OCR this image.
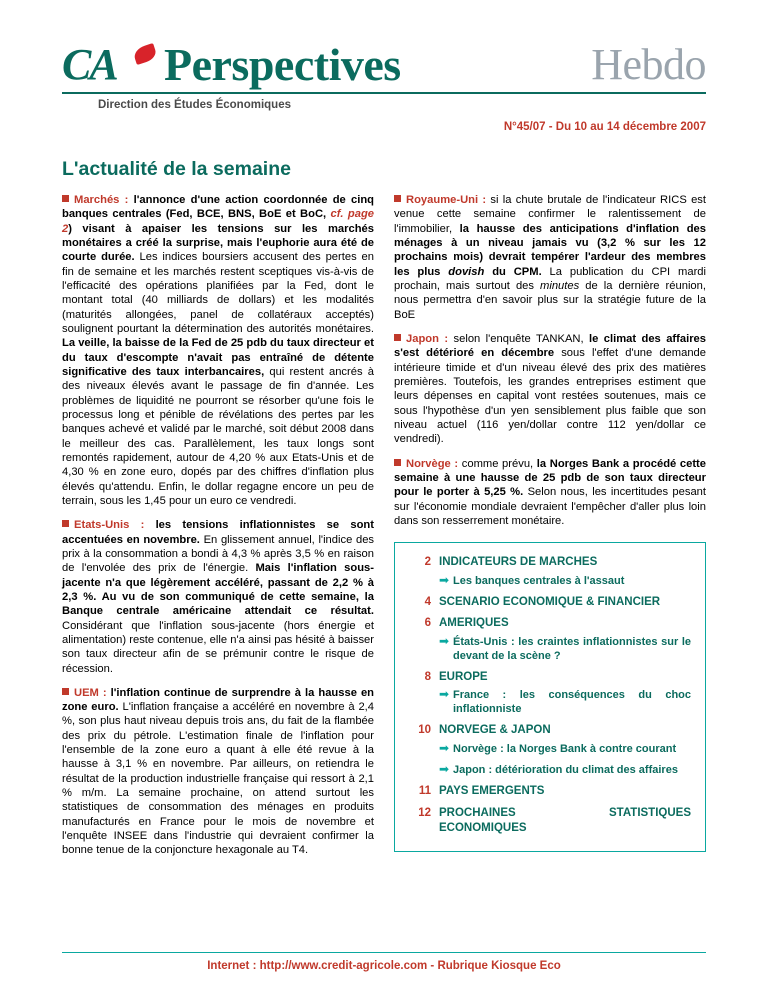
CA	Perspectives	Hebdo
Direction des Études Économiques
N°45/07 - Du 10 au 14 décembre 2007
L'actualité de la semaine

Marchés : l'annonce d'une action coordonnée de cinq banques centrales (Fed, BCE, BNS, BoE et BoC, cf. page 2) visant à apaiser les tensions sur les marchés monétaires a créé la surprise, mais l'euphorie aura été de courte durée. Les indices boursiers accusent des pertes en fin de semaine et les marchés restent sceptiques vis-à-vis de l'efficacité des opérations planifiées par la Fed, dont le montant total (40 milliards de dollars) et les modalités (maturités allongées, panel de collatéraux acceptés) soulignent pourtant la détermination des autorités monétaires. La veille, la baisse de la Fed de 25 pdb du taux directeur et du taux d'escompte n'avait pas entraîné de détente significative des taux interbancaires, qui restent ancrés à des niveaux élevés avant le passage de fin d'année. Les problèmes de liquidité ne pourront se résorber qu'une fois le processus long et pénible de révélations des pertes par les banques achevé et validé par le marché, soit début 2008 dans le meilleur des cas. Parallèlement, les taux longs sont remontés rapidement, autour de 4,20 % aux Etats-Unis et de 4,30 % en zone euro, dopés par des chiffres d'inflation plus élevés qu'attendu. Enfin, le dollar regagne encore un peu de terrain, sous les 1,45 pour un euro ce vendredi.

Etats-Unis : les tensions inflationnistes se sont accentuées en novembre. En glissement annuel, l'indice des prix à la consommation a bondi à 4,3 % après 3,5 % en raison de l'envolée des prix de l'énergie. Mais l'inflation sous-jacente n'a que légèrement accéléré, passant de 2,2 % à 2,3 %. Au vu de son communiqué de cette semaine, la Banque centrale américaine attendait ce résultat. Considérant que l'inflation sous-jacente (hors énergie et alimentation) reste contenue, elle n'a ainsi pas hésité à baisser son taux directeur afin de se prémunir contre le risque de récession.

UEM : l'inflation continue de surprendre à la hausse en zone euro. L'inflation française a accéléré en novembre à 2,4 %, son plus haut niveau depuis trois ans, du fait de la flambée des prix du pétrole. L'estimation finale de l'inflation pour l'ensemble de la zone euro a quant à elle été revue à la hausse à 3,1 % en novembre. Par ailleurs, on retiendra le résultat de la production industrielle française qui ressort à 2,1 % m/m. La semaine prochaine, on attend surtout les statistiques de consommation des ménages en produits manufacturés en France pour le mois de novembre et l'enquête INSEE dans l'industrie qui devraient confirmer la bonne tenue de la conjoncture hexagonale au T4.

Royaume-Uni : si la chute brutale de l'indicateur RICS est venue cette semaine confirmer le ralentissement de l'immobilier, la hausse des anticipations d'inflation des ménages à un niveau jamais vu (3,2 % sur les 12 prochains mois) devrait tempérer l'ardeur des membres les plus dovish du CPM. La publication du CPI mardi prochain, mais surtout des minutes de la dernière réunion, nous permettra d'en savoir plus sur la stratégie future de la BoE

Japon : selon l'enquête TANKAN, le climat des affaires s'est détérioré en décembre sous l'effet d'une demande intérieure timide et d'un niveau élevé des prix des matières premières. Toutefois, les grandes entreprises estiment que leurs dépenses en capital vont restées soutenues, mais ce sous l'hypothèse d'un yen sensiblement plus faible que son niveau actuel (116 yen/dollar contre 112 yen/dollar ce vendredi).

Norvège : comme prévu, la Norges Bank a procédé cette semaine à une hausse de 25 pdb de son taux directeur pour le porter à 5,25 %. Selon nous, les incertitudes pesant sur l'économie mondiale devraient l'empêcher d'aller plus loin dans son resserrement monétaire.

2 INDICATEURS DE MARCHES
➡ Les banques centrales à l'assaut
4 SCENARIO ECONOMIQUE & FINANCIER
6 AMERIQUES
➡ États-Unis : les craintes inflationnistes sur le devant de la scène ?
8 EUROPE
➡ France : les conséquences du choc inflationniste
10 NORVEGE & JAPON
➡ Norvège : la Norges Bank à contre courant
➡ Japon : détérioration du climat des affaires
11 PAYS EMERGENTS
12 PROCHAINES STATISTIQUES ECONOMIQUES
Internet : http://www.credit-agricole.com - Rubrique Kiosque Eco
